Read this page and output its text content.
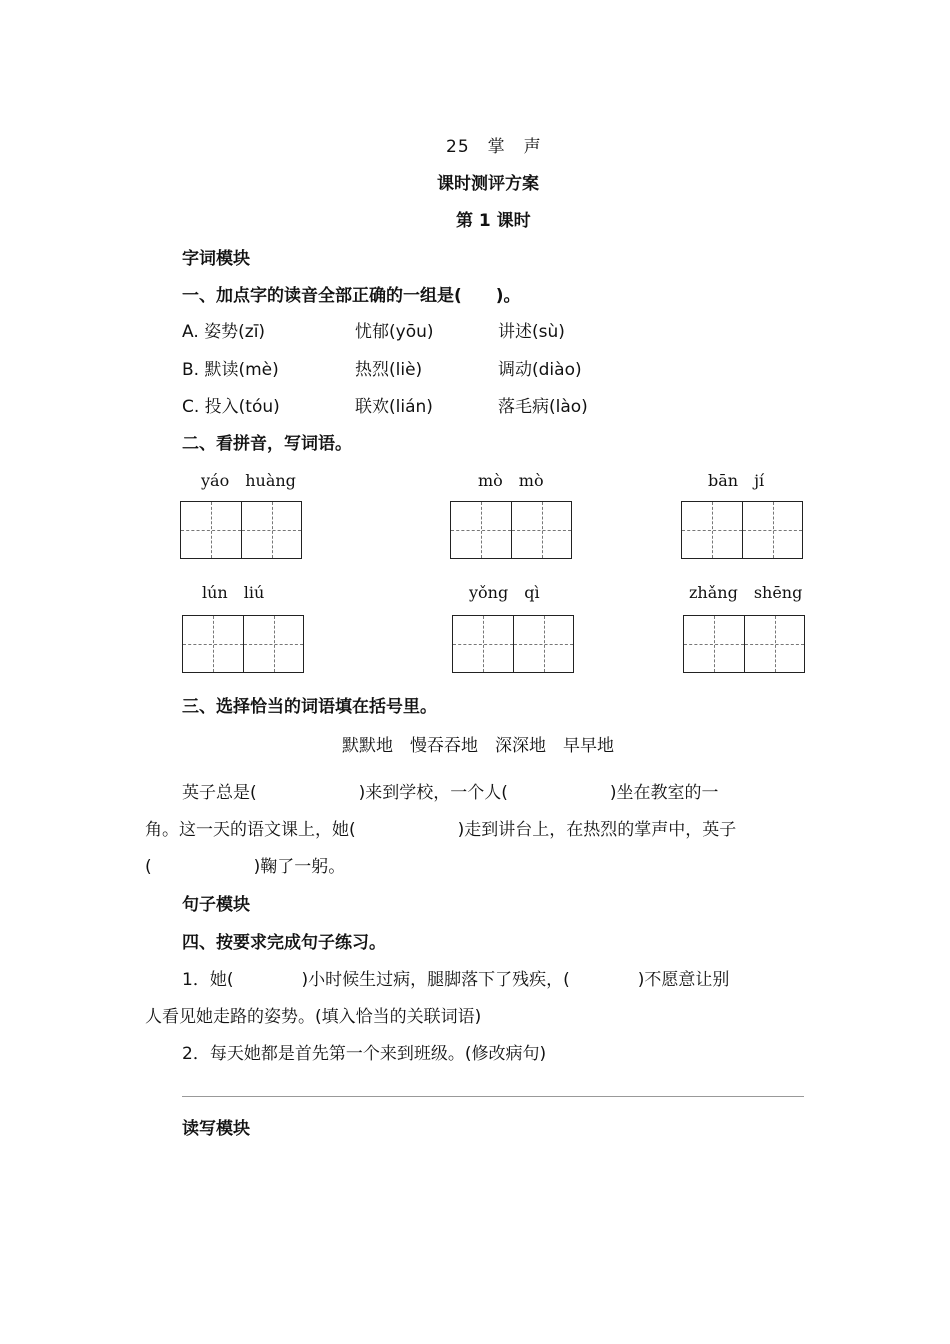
25　掌　声
课时测评方案
第 1 课时
字词模块
一、加点字的读音全部正确的一组是(　　)。
A. 姿势(zī)	忧郁(yōu)	讲述(sù)
B. 默读(mè)	热烈(liè)	调动(diào)
C. 投入(tóu)	联欢(lián)	落毛病(lào)
二、看拼音，写词语。
yáo　huàng	mò　mò	bān　jí
lún　liú	yǒng　qì	zhǎng　shēng
三、选择恰当的词语填在括号里。
默默地　慢吞吞地　深深地　早早地
英子总是(　　　　　　)来到学校，一个人(　　　　　　)坐在教室的一
角。这一天的语文课上，她(　　　　　　)走到讲台上，在热烈的掌声中，英子
(　　　　　　)鞠了一躬。
句子模块
四、按要求完成句子练习。
1．她(　　　　)小时候生过病，腿脚落下了残疾，(　　　　)不愿意让别
人看见她走路的姿势。(填入恰当的关联词语)
2．每天她都是首先第一个来到班级。(修改病句)
读写模块
